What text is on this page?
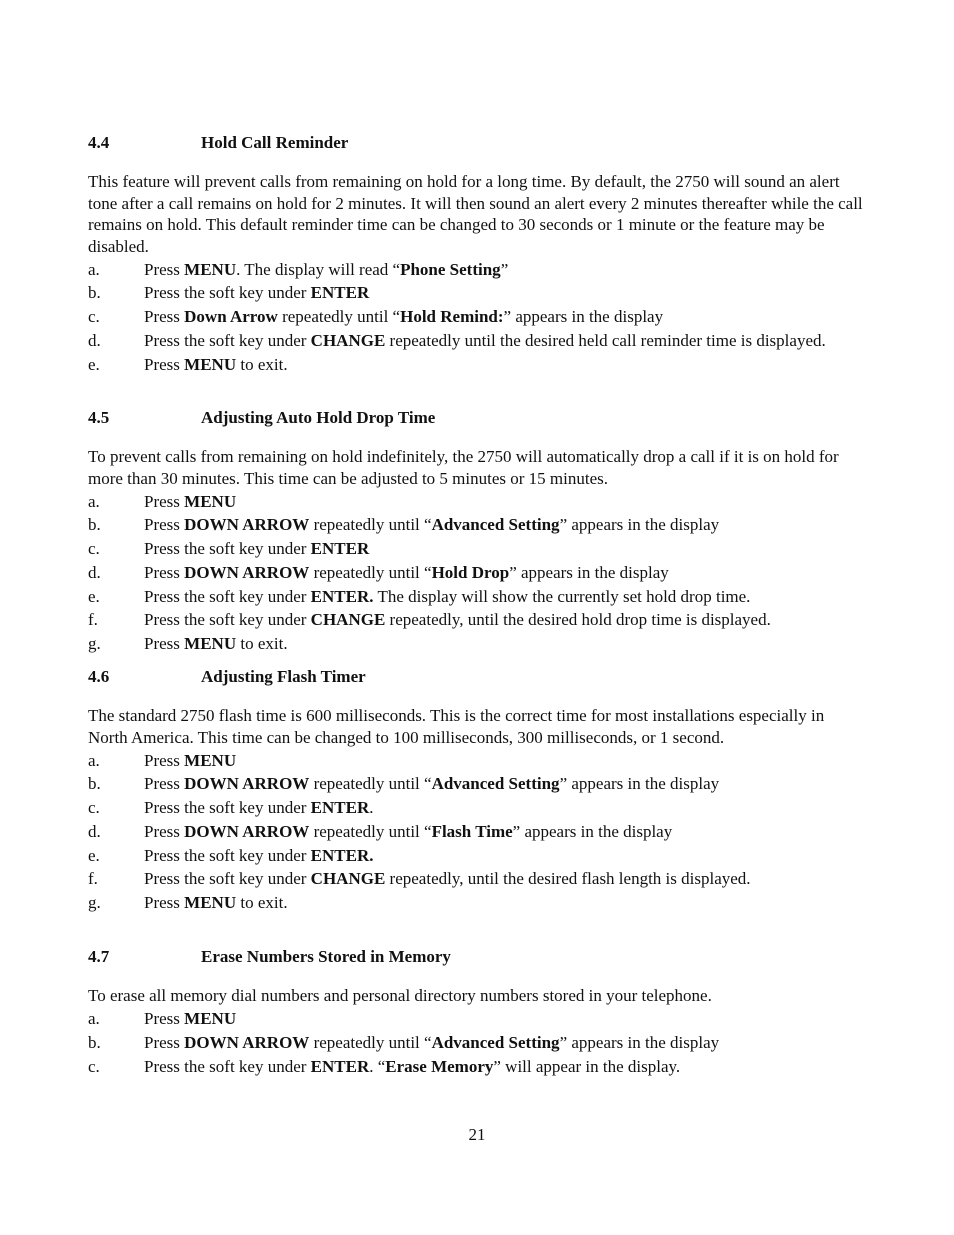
4.4	Hold Call Reminder
This feature will prevent calls from remaining on hold for a long time. By default, the 2750 will sound an alert tone after a call remains on hold for 2 minutes. It will then sound an alert every 2 minutes thereafter while the call remains on hold. This default reminder time can be changed to 30 seconds or 1 minute or the feature may be disabled.
a.	Press MENU. The display will read “Phone Setting”
b.	Press the soft key under ENTER
c.	Press Down Arrow repeatedly until “Hold Remind:” appears in the display
d.	Press the soft key under CHANGE repeatedly until the desired held call reminder time is displayed.
e.	Press MENU to exit.
4.5	Adjusting Auto Hold Drop Time
To prevent calls from remaining on hold indefinitely, the 2750 will automatically drop a call if it is on hold for more than 30 minutes. This time can be adjusted to 5 minutes or 15 minutes.
a.	Press MENU
b.	Press DOWN ARROW repeatedly until “Advanced Setting” appears in the display
c.	Press the soft key under ENTER
d.	Press DOWN ARROW repeatedly until “Hold Drop” appears in the display
e.	Press the soft key under ENTER. The display will show the currently set hold drop time.
f.	Press the soft key under CHANGE repeatedly, until the desired hold drop time is displayed.
g.	Press MENU to exit.
4.6	Adjusting Flash Timer
The standard 2750 flash time is 600 milliseconds. This is the correct time for most installations especially in North America. This time can be changed to 100 milliseconds, 300 milliseconds, or 1 second.
a.	Press MENU
b.	Press DOWN ARROW repeatedly until “Advanced Setting” appears in the display
c.	Press the soft key under ENTER.
d.	Press DOWN ARROW repeatedly until “Flash Time” appears in the display
e.	Press the soft key under ENTER.
f.	Press the soft key under CHANGE repeatedly, until the desired flash length is displayed.
g.	Press MENU to exit.
4.7	Erase Numbers Stored in Memory
To erase all memory dial numbers and personal directory numbers stored in your telephone.
a.	Press MENU
b.	Press DOWN ARROW repeatedly until “Advanced Setting” appears in the display
c.	Press the soft key under ENTER. “Erase Memory” will appear in the display.
21
